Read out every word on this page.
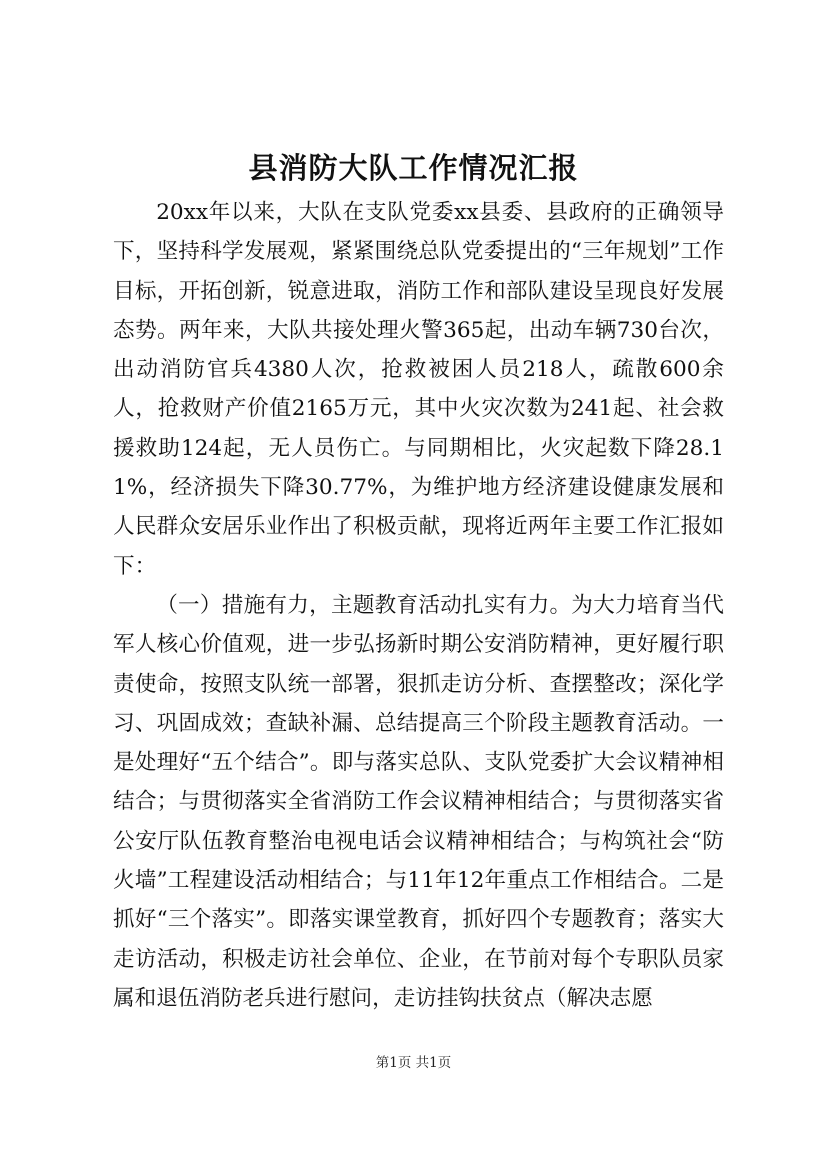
县消防大队工作情况汇报

20xx年以来，大队在支队党委xx县委、县政府的正确领导下，坚持科学发展观，紧紧围绕总队党委提出的“三年规划”工作目标，开拓创新，锐意进取，消防工作和部队建设呈现良好发展态势。两年来，大队共接处理火警365起，出动车辆730台次，出动消防官兵4380人次，抢救被困人员218人，疏散600余人，抢救财产价值2165万元，其中火灾次数为241起、社会救援救助124起，无人员伤亡。与同期相比，火灾起数下降28.11%，经济损失下降30.77%，为维护地方经济建设健康发展和人民群众安居乐业作出了积极贡献，现将近两年主要工作汇报如下：

（一）措施有力，主题教育活动扎实有力。为大力培育当代军人核心价值观，进一步弘扬新时期公安消防精神，更好履行职责使命，按照支队统一部署，狠抓走访分析、查摆整改；深化学习、巩固成效；查缺补漏、总结提高三个阶段主题教育活动。一是处理好“五个结合”。即与落实总队、支队党委扩大会议精神相结合；与贯彻落实全省消防工作会议精神相结合；与贯彻落实省公安厅队伍教育整治电视电话会议精神相结合；与构筑社会“防火墙”工程建设活动相结合；与11年12年重点工作相结合。二是抓好“三个落实”。即落实课堂教育，抓好四个专题教育；落实大走访活动，积极走访社会单位、企业，在节前对每个专职队员家属和退伍消防老兵进行慰问，走访挂钩扶贫点（解决志愿

第1页 共1页
